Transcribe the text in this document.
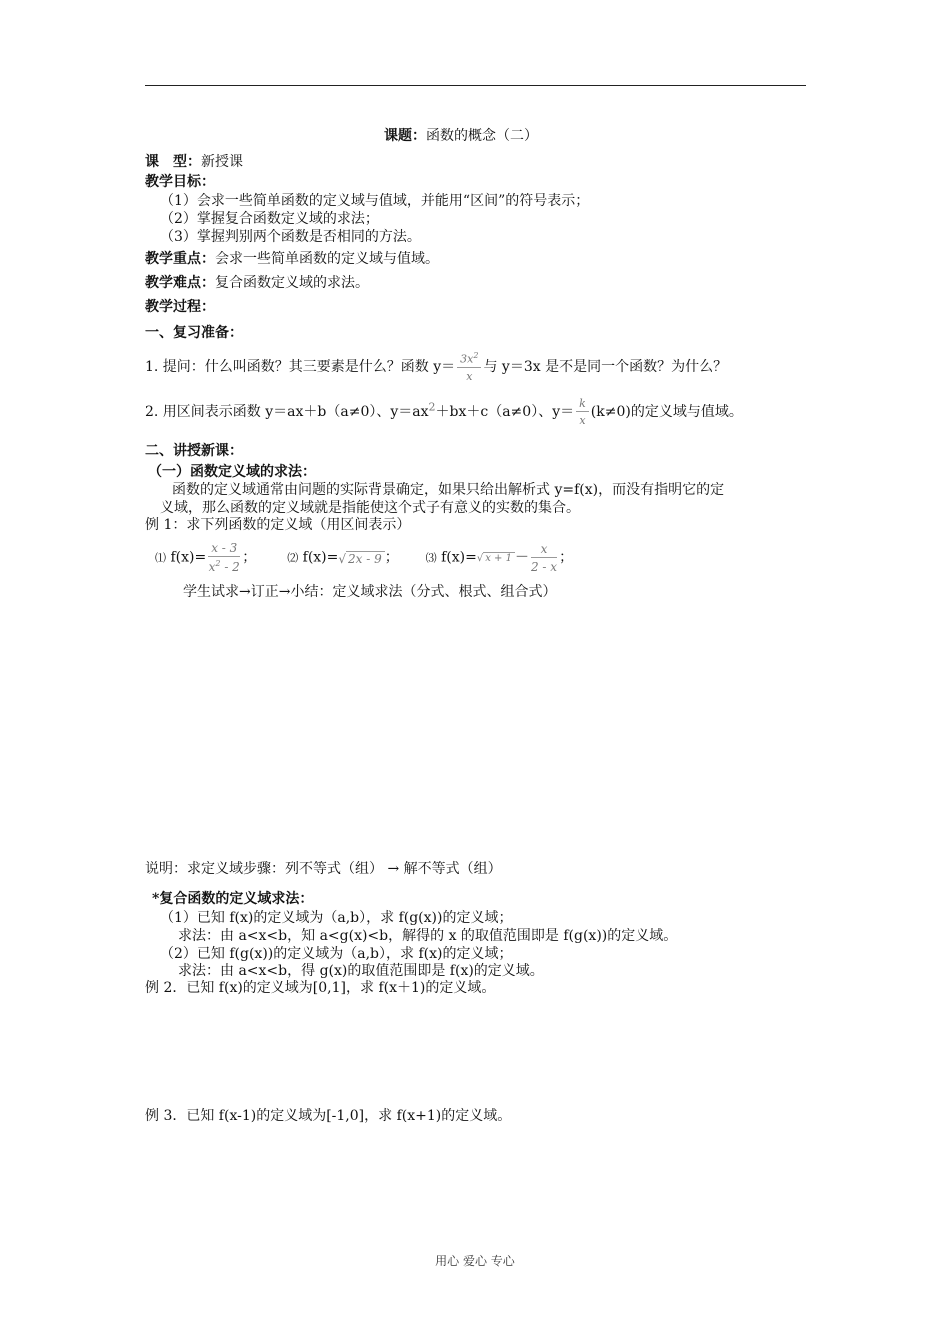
课题：函数的概念（二）
课　型：新授课
教学目标：
（1）会求一些简单函数的定义域与值域，并能用“区间”的符号表示；
（2）掌握复合函数定义域的求法；
（3）掌握判别两个函数是否相同的方法。
教学重点：会求一些简单函数的定义域与值域。
教学难点：复合函数定义域的求法。
教学过程：
一、复习准备：
1. 提问：什么叫函数？其三要素是什么？函数 $y= \frac{3x^2}{x}$ 与 y＝3x 是不是同一个函数？为什么？
2. 用区间表示函数 y＝ax＋b（a≠0）、$y=ax^2+bx+c(a\ne 0)$、$y= \frac{k}{x} (k\ne 0)$的定义域与值域。
二、讲授新课：
（一）函数定义域的求法：
函数的定义域通常由问题的实际背景确定，如果只给出解析式 y=f(x)，而没有指明它的定
义域，那么函数的定义域就是指能使这个式子有意义的实数的集合。
例 1：求下列函数的定义域（用区间表示）
⑴ $f(x)= \frac{x - 3}{x^2 - 2}$ ；	⑵ f(x)=√ 2x - 9 ； ⑶ f(x)=√ $x + 1 - \frac{x}{2 - x}$ ；
学生试求→订正→小结：定义域求法（分式、根式、组合式）
说明：求定义域步骤：列不等式（组） → 解不等式（组）
*复合函数的定义域求法：
（1）已知 f(x)的定义域为（a,b），求 f(g(x))的定义域；
求法：由 a<x<b，知 a<g(x)<b，解得的 x 的取值范围即是 f(g(x))的定义域。
（2）已知 f(g(x))的定义域为（a,b），求 f(x)的定义域；
求法：由 a<x<b，得 g(x)的取值范围即是 f(x)的定义域。
例 2．已知 f(x)的定义域为[0,1]，求 f(x＋1)的定义域。
例 3．已知 f(x-1)的定义域为[-1,0]，求 f(x+1)的定义域。
用心 爱心 专心
